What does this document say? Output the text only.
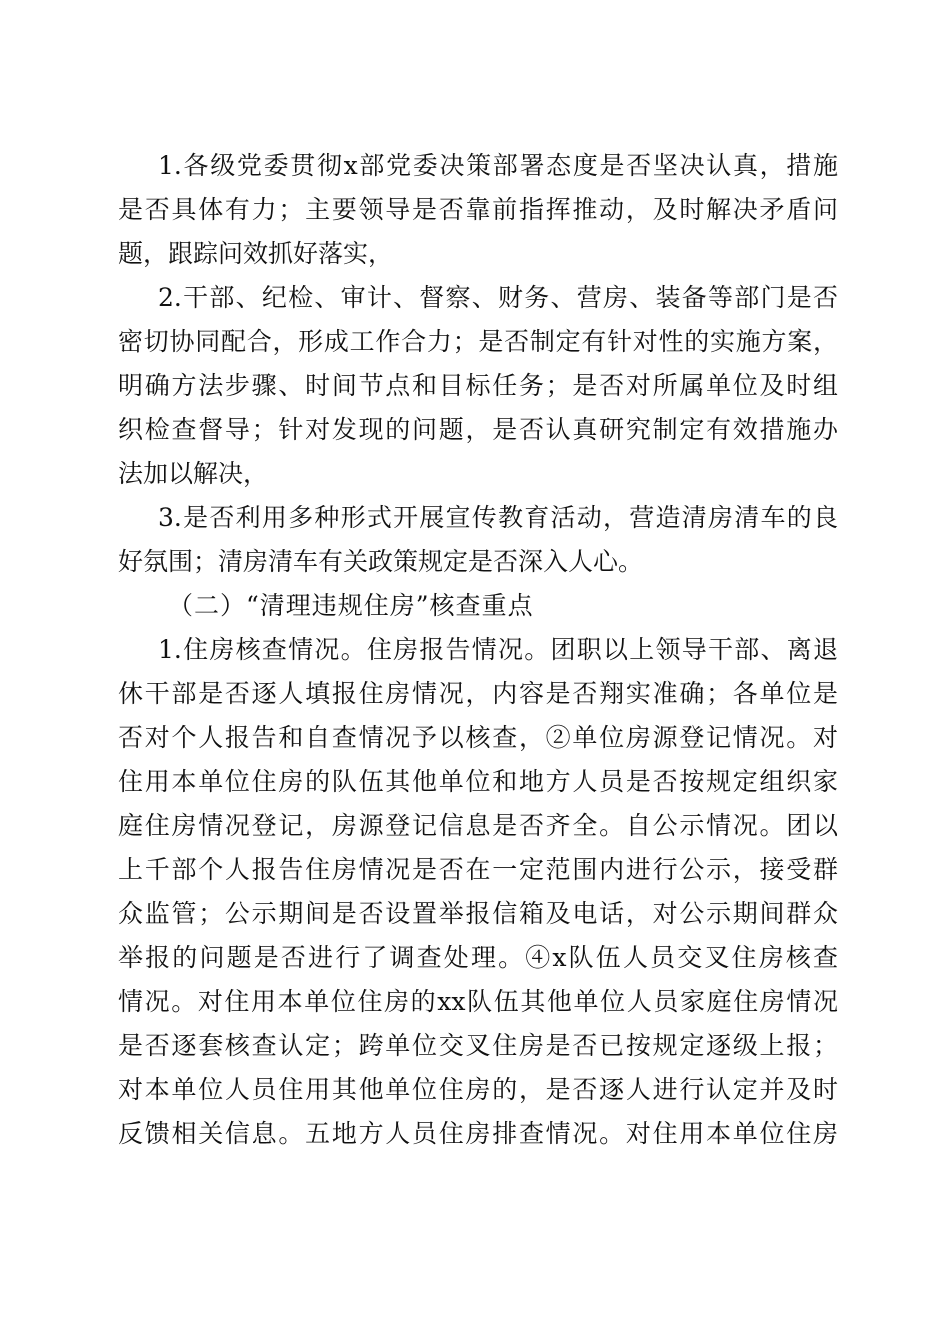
1.各级党委贯彻x部党委决策部署态度是否坚决认真，措施
是否具体有力；主要领导是否靠前指挥推动，及时解决矛盾问
题，跟踪问效抓好落实，
2.干部、纪检、审计、督察、财务、营房、装备等部门是否
密切协同配合，形成工作合力；是否制定有针对性的实施方案，
明确方法步骤、时间节点和目标任务；是否对所属单位及时组
织检查督导；针对发现的问题，是否认真研究制定有效措施办
法加以解决，
3.是否利用多种形式开展宣传教育活动，营造清房清车的良
好氛围；清房清车有关政策规定是否深入人心。
（二）“清理违规住房”核查重点
1.住房核查情况。住房报告情况。团职以上领导干部、离退
休干部是否逐人填报住房情况，内容是否翔实准确；各单位是
否对个人报告和自查情况予以核查，②单位房源登记情况。对
住用本单位住房的队伍其他单位和地方人员是否按规定组织家
庭住房情况登记，房源登记信息是否齐全。自公示情况。团以
上千部个人报告住房情况是否在一定范围内进行公示，接受群
众监管；公示期间是否设置举报信箱及电话，对公示期间群众
举报的问题是否进行了调查处理。④x队伍人员交叉住房核查
情况。对住用本单位住房的xx队伍其他单位人员家庭住房情况
是否逐套核查认定；跨单位交叉住房是否已按规定逐级上报；
对本单位人员住用其他单位住房的，是否逐人进行认定并及时
反馈相关信息。五地方人员住房排查情况。对住用本单位住房
